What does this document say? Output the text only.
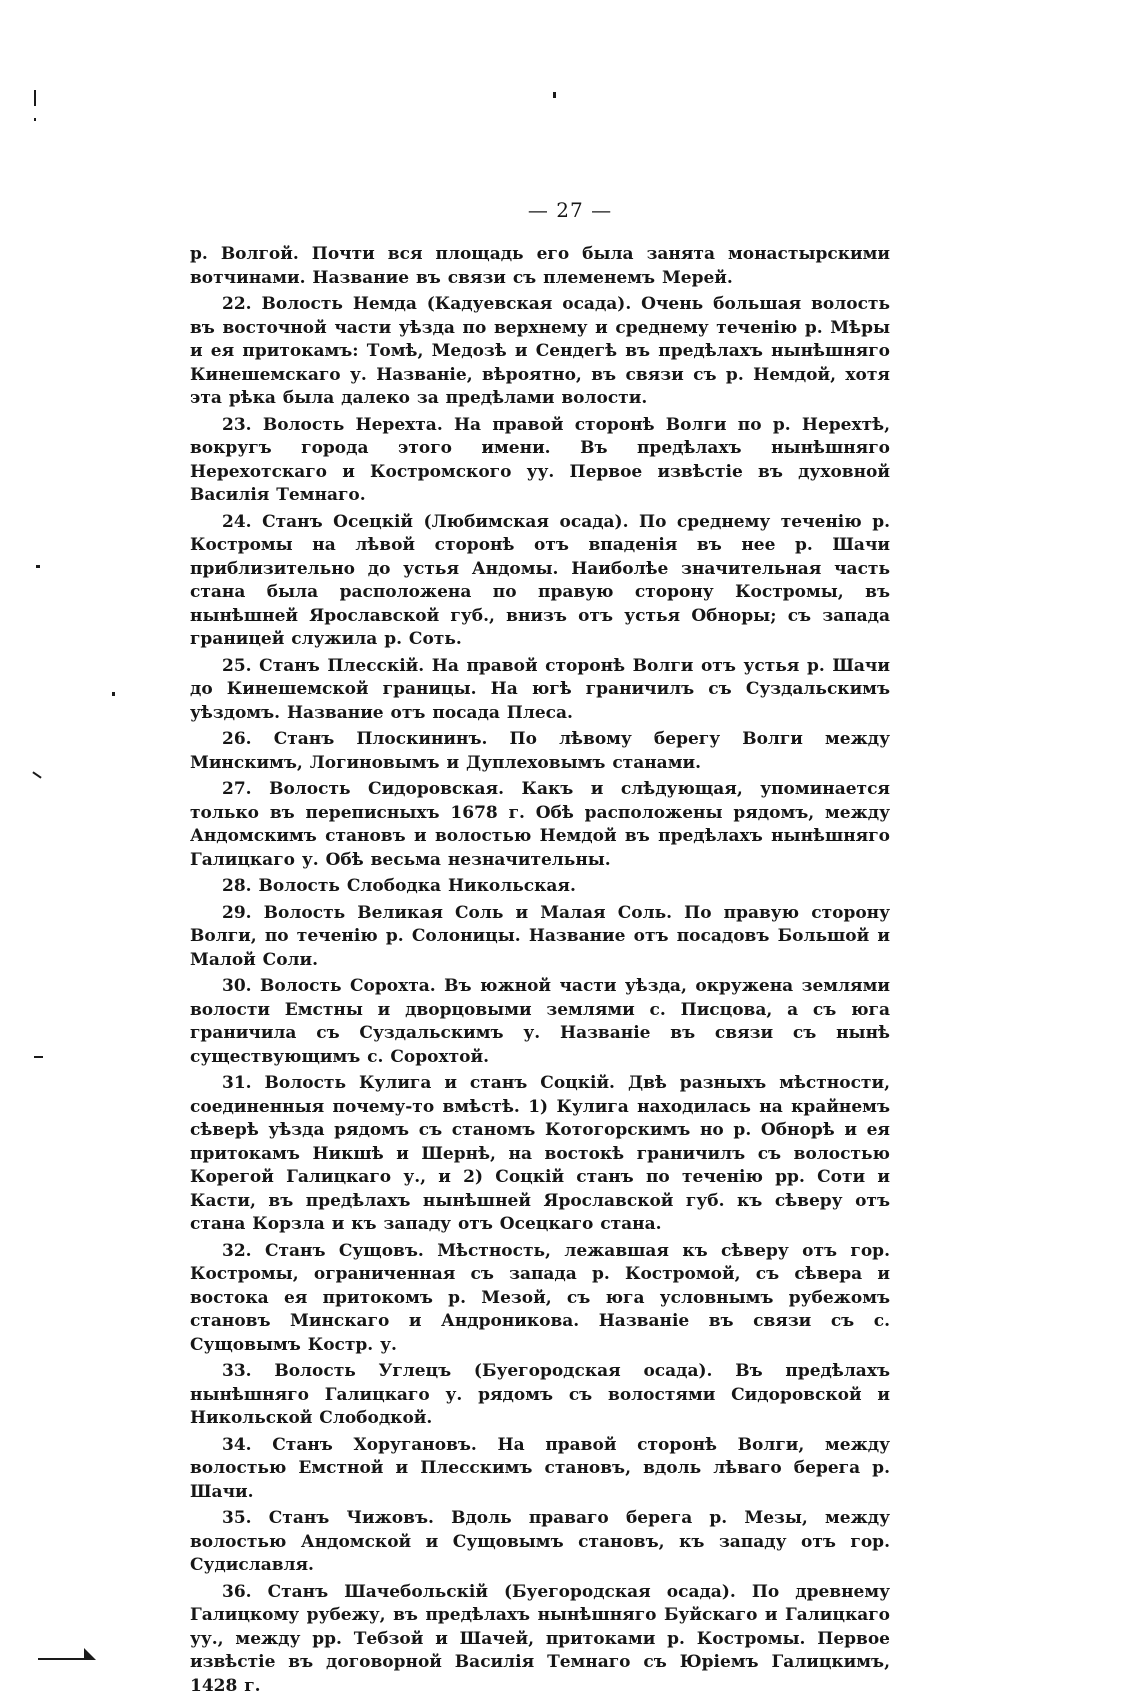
— 27 —

р. Волгой. Почти вся площадь его была занята монастырскими вотчинами. Название въ связи съ племенемъ Мерей.

22. Волость Немда (Кадуевская осада). Очень большая волость въ восточной части уѣзда по верхнему и среднему теченію р. Мѣры и ея притокамъ: Томѣ, Медозѣ и Сендегѣ въ предѣлахъ нынѣшняго Кинешемскаго у. Названіе, вѣроятно, въ связи съ р. Немдой, хотя эта рѣка была далеко за предѣлами волости.

23. Волость Нерехта. На правой сторонѣ Волги по р. Нерехтѣ, вокругъ города этого имени. Въ предѣлахъ нынѣшняго Нерехотскаго и Костромского уу. Первое извѣстіе въ духовной Василія Темнаго.

24. Станъ Осецкій (Любимская осада). По среднему теченію р. Костромы на лѣвой сторонѣ отъ впаденія въ нее р. Шачи приблизительно до устья Андомы. Наиболѣе значительная часть стана была расположена по правую сторону Костромы, въ нынѣшней Ярославской губ., внизъ отъ устья Обноры; съ запада границей служила р. Соть.

25. Станъ Плесскій. На правой сторонѣ Волги отъ устья р. Шачи до Кинешемской границы. На югѣ граничилъ съ Суздальскимъ уѣздомъ. Название отъ посада Плеса.

26. Станъ Плоскининъ. По лѣвому берегу Волги между Минскимъ, Логиновымъ и Дуплеховымъ станами.

27. Волость Сидоровская. Какъ и слѣдующая, упоминается только въ переписныхъ 1678 г. Обѣ расположены рядомъ, между Андомскимъ становъ и волостью Немдой въ предѣлахъ нынѣшняго Галицкаго у. Обѣ весьма незначительны.

28. Волость Слободка Никольская.

29. Волость Великая Соль и Малая Соль. По правую сторону Волги, по теченію р. Солоницы. Название отъ посадовъ Большой и Малой Соли.

30. Волость Сорохта. Въ южной части уѣзда, окружена землями волости Емстны и дворцовыми землями с. Писцова, а съ юга граничила съ Суздальскимъ у. Названіе въ связи съ нынѣ существующимъ с. Сорохтой.

31. Волость Кулига и станъ Соцкій. Двѣ разныхъ мѣстности, соединенныя почему-то вмѣстѣ. 1) Кулига находилась на крайнемъ сѣверѣ уѣзда рядомъ съ станомъ Котогорскимъ но р. Обнорѣ и ея притокамъ Никшѣ и Шернѣ, на востокѣ граничилъ съ волостью Корегой Галицкаго у., и 2) Соцкій станъ по теченію рр. Соти и Касти, въ предѣлахъ нынѣшней Ярославской губ. къ сѣверу отъ стана Корзла и къ западу отъ Осецкаго стана.

32. Станъ Сущовъ. Мѣстность, лежавшая къ сѣверу отъ гор. Костромы, ограниченная съ запада р. Костромой, съ сѣвера и востока ея притокомъ р. Мезой, съ юга условнымъ рубежомъ становъ Минскаго и Андроникова. Названіе въ связи съ с. Сущовымъ Костр. у.

33. Волость Углецъ (Буегородская осада). Въ предѣлахъ нынѣшняго Галицкаго у. рядомъ съ волостями Сидоровской и Никольской Слободкой.

34. Станъ Хоругановъ. На правой сторонѣ Волги, между волостью Емстной и Плесскимъ становъ, вдоль лѣваго берега р. Шачи.

35. Станъ Чижовъ. Вдоль праваго берега р. Мезы, между волостью Андомской и Сущовымъ становъ, къ западу отъ гор. Судиславля.

36. Станъ Шачебольскій (Буегородская осада). По древнему Галицкому рубежу, въ предѣлахъ нынѣшняго Буйскаго и Галицкаго уу., между рр. Тебзой и Шачей, притоками р. Костромы. Первое извѣстіе въ договорной Василія Темнаго съ Юріемъ Галицкимъ, 1428 г.
